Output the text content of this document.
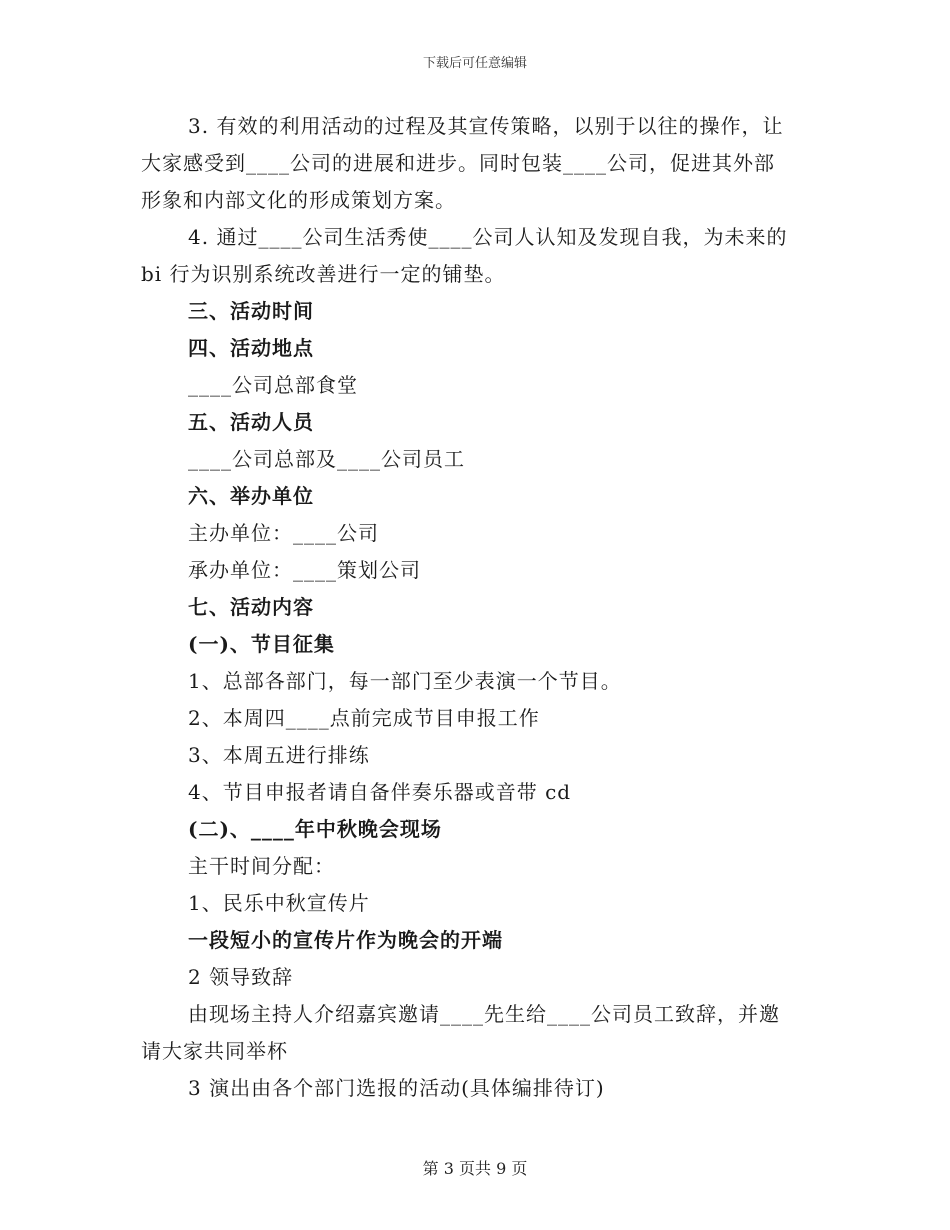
下载后可任意编辑

3. 有效的利用活动的过程及其宣传策略，以别于以往的操作，让

大家感受到____公司的进展和进步。同时包装____公司，促进其外部

形象和内部文化的形成策划方案。

4. 通过____公司生活秀使____公司人认知及发现自我，为未来的

bi 行为识别系统改善进行一定的铺垫。

三、活动时间

四、活动地点

____公司总部食堂

五、活动人员

____公司总部及____公司员工

六、举办单位

主办单位：____公司

承办单位：____策划公司

七、活动内容

(一)、节目征集

1、总部各部门，每一部门至少表演一个节目。

2、本周四____点前完成节目申报工作

3、本周五进行排练

4、节目申报者请自备伴奏乐器或音带 cd

(二)、____年中秋晚会现场

主干时间分配：

1、民乐中秋宣传片

一段短小的宣传片作为晚会的开端

2 领导致辞

由现场主持人介绍嘉宾邀请____先生给____公司员工致辞，并邀

请大家共同举杯

3 演出由各个部门选报的活动(具体编排待订)

第 3 页共 9 页
